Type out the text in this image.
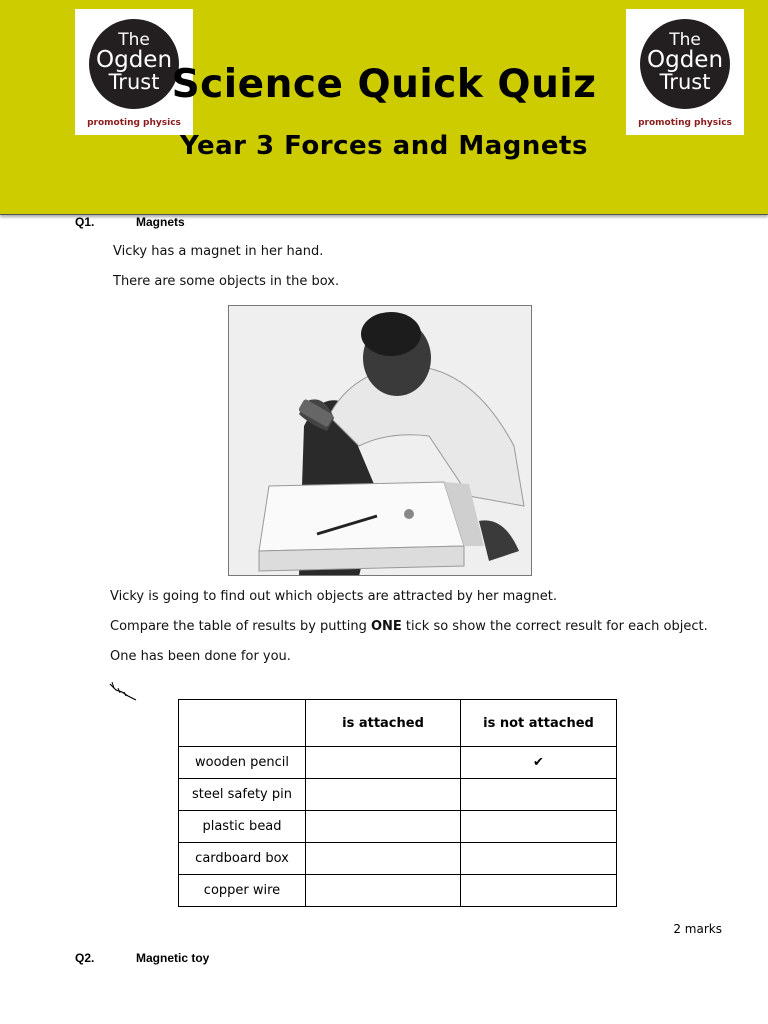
The
Ogden
Trust
promoting physics
Science Quick Quiz
Year 3 Forces and Magnets
The
Ogden
Trust
promoting physics
Q1.	Magnets
Vicky has a magnet in her hand.
There are some objects in the box.
Vicky is going to find out which objects are attracted by her magnet.
Compare the table of results by putting ONE tick so show the correct result for each object.
One has been done for you.
	is attached	is not attached
wooden pencil		✔
steel safety pin		
plastic bead		
cardboard box		
copper wire		
2 marks
Q2.	Magnetic toy
